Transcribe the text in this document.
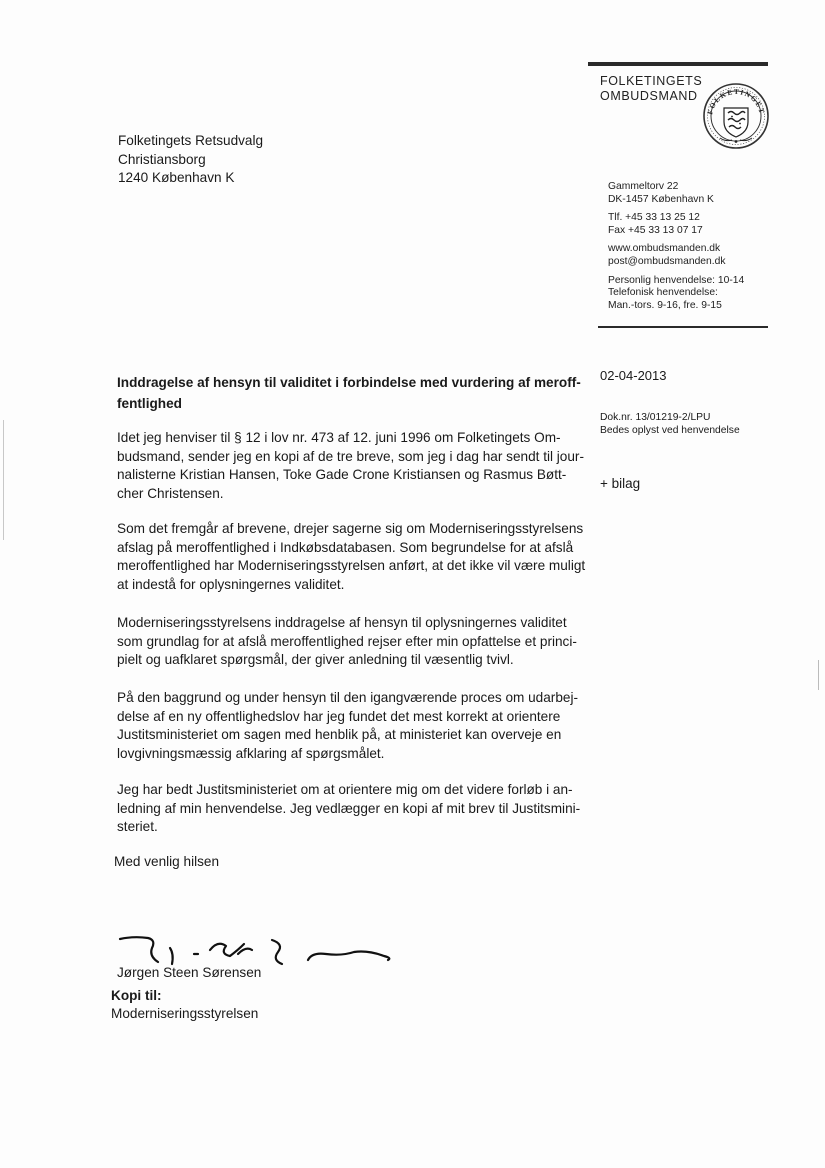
FOLKETINGETS
OMBUDSMAND
FOLKETINGET
Gammeltorv 22
DK-1457 København K
Tlf. +45 33 13 25 12
Fax +45 33 13 07 17
www.ombudsmanden.dk
post@ombudsmanden.dk
Personlig henvendelse: 10-14
Telefonisk henvendelse:
Man.-tors. 9-16, fre. 9-15
Folketingets Retsudvalg
Christiansborg
1240 København K
02-04-2013
Dok.nr. 13/01219-2/LPU
Bedes oplyst ved henvendelse
+ bilag
Inddragelse af hensyn til validitet i forbindelse med vurdering af meroff-
fentlighed
Idet jeg henviser til § 12 i lov nr. 473 af 12. juni 1996 om Folketingets Om-
budsmand, sender jeg en kopi af de tre breve, som jeg i dag har sendt til jour-
nalisterne Kristian Hansen, Toke Gade Crone Kristiansen og Rasmus Bøtt-
cher Christensen.
Som det fremgår af brevene, drejer sagerne sig om Moderniseringsstyrelsens
afslag på meroffentlighed i Indkøbsdatabasen. Som begrundelse for at afslå
meroffentlighed har Moderniseringsstyrelsen anført, at det ikke vil være muligt
at indestå for oplysningernes validitet.
Moderniseringsstyrelsens inddragelse af hensyn til oplysningernes validitet
som grundlag for at afslå meroffentlighed rejser efter min opfattelse et princi-
pielt og uafklaret spørgsmål, der giver anledning til væsentlig tvivl.
På den baggrund og under hensyn til den igangværende proces om udarbej-
delse af en ny offentlighedslov har jeg fundet det mest korrekt at orientere
Justitsministeriet om sagen med henblik på, at ministeriet kan overveje en
lovgivningsmæssig afklaring af spørgsmålet.
Jeg har bedt Justitsministeriet om at orientere mig om det videre forløb i an-
ledning af min henvendelse. Jeg vedlægger en kopi af mit brev til Justitsmini-
steriet.
Med venlig hilsen
Jørgen Steen Sørensen
Kopi til:
Moderniseringsstyrelsen
